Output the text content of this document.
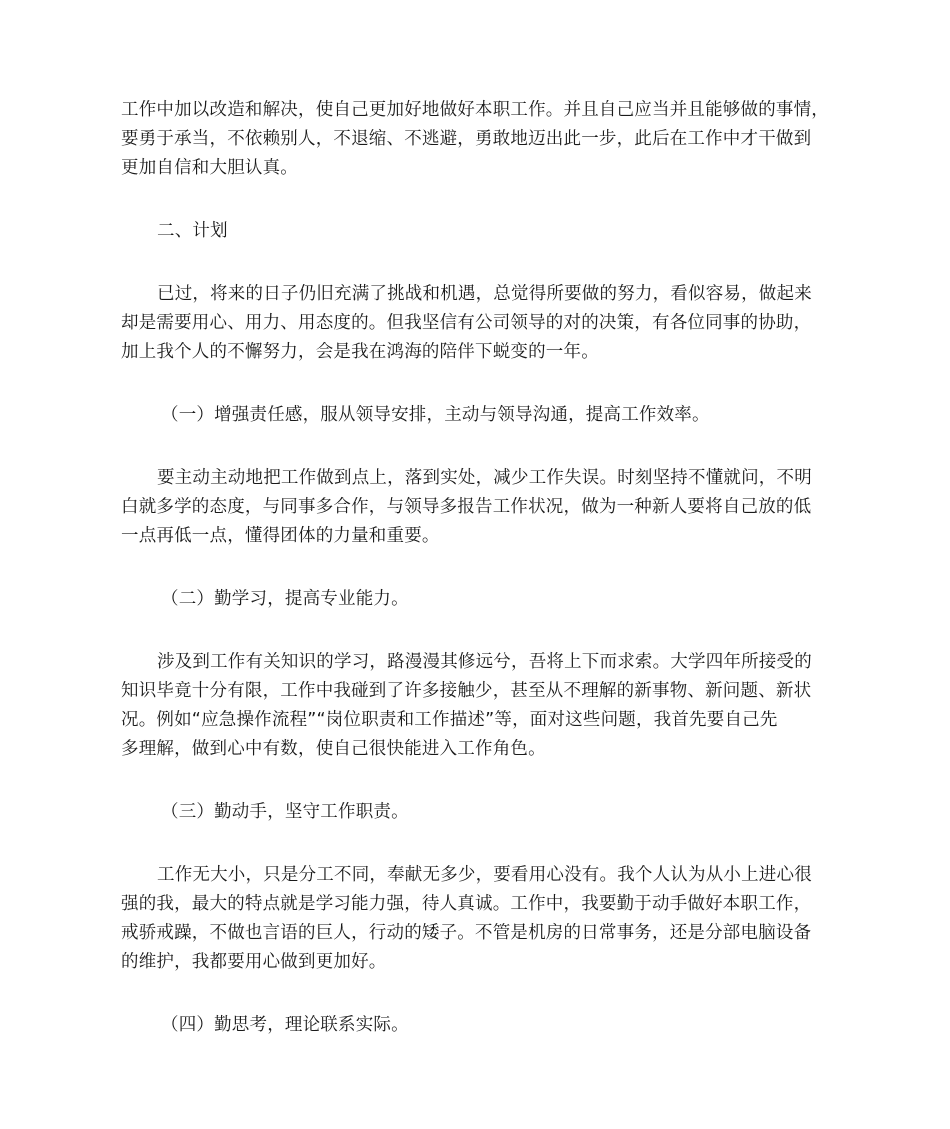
工作中加以改造和解决，使自己更加好地做好本职工作。并且自己应当并且能够做的事情，
要勇于承当，不依赖别人，不退缩、不逃避，勇敢地迈出此一步，此后在工作中才干做到
更加自信和大胆认真。

二、计划

已过，将来的日子仍旧充满了挑战和机遇，总觉得所要做的努力，看似容易，做起来
却是需要用心、用力、用态度的。但我坚信有公司领导的对的决策，有各位同事的协助，
加上我个人的不懈努力，会是我在鸿海的陪伴下蜕变的一年。

（一）增强责任感，服从领导安排，主动与领导沟通，提高工作效率。

要主动主动地把工作做到点上，落到实处，减少工作失误。时刻坚持不懂就问，不明
白就多学的态度，与同事多合作，与领导多报告工作状况，做为一种新人要将自己放的低
一点再低一点，懂得团体的力量和重要。

（二）勤学习，提高专业能力。

涉及到工作有关知识的学习，路漫漫其修远兮，吾将上下而求索。大学四年所接受的
知识毕竟十分有限，工作中我碰到了许多接触少，甚至从不理解的新事物、新问题、新状
况。例如“应急操作流程”“岗位职责和工作描述”等，面对这些问题，我首先要自己先
多理解，做到心中有数，使自己很快能进入工作角色。

（三）勤动手，坚守工作职责。

工作无大小，只是分工不同，奉献无多少，要看用心没有。我个人认为从小上进心很
强的我，最大的特点就是学习能力强，待人真诚。工作中，我要勤于动手做好本职工作，
戒骄戒躁，不做也言语的巨人，行动的矮子。不管是机房的日常事务，还是分部电脑设备
的维护，我都要用心做到更加好。

（四）勤思考，理论联系实际。
